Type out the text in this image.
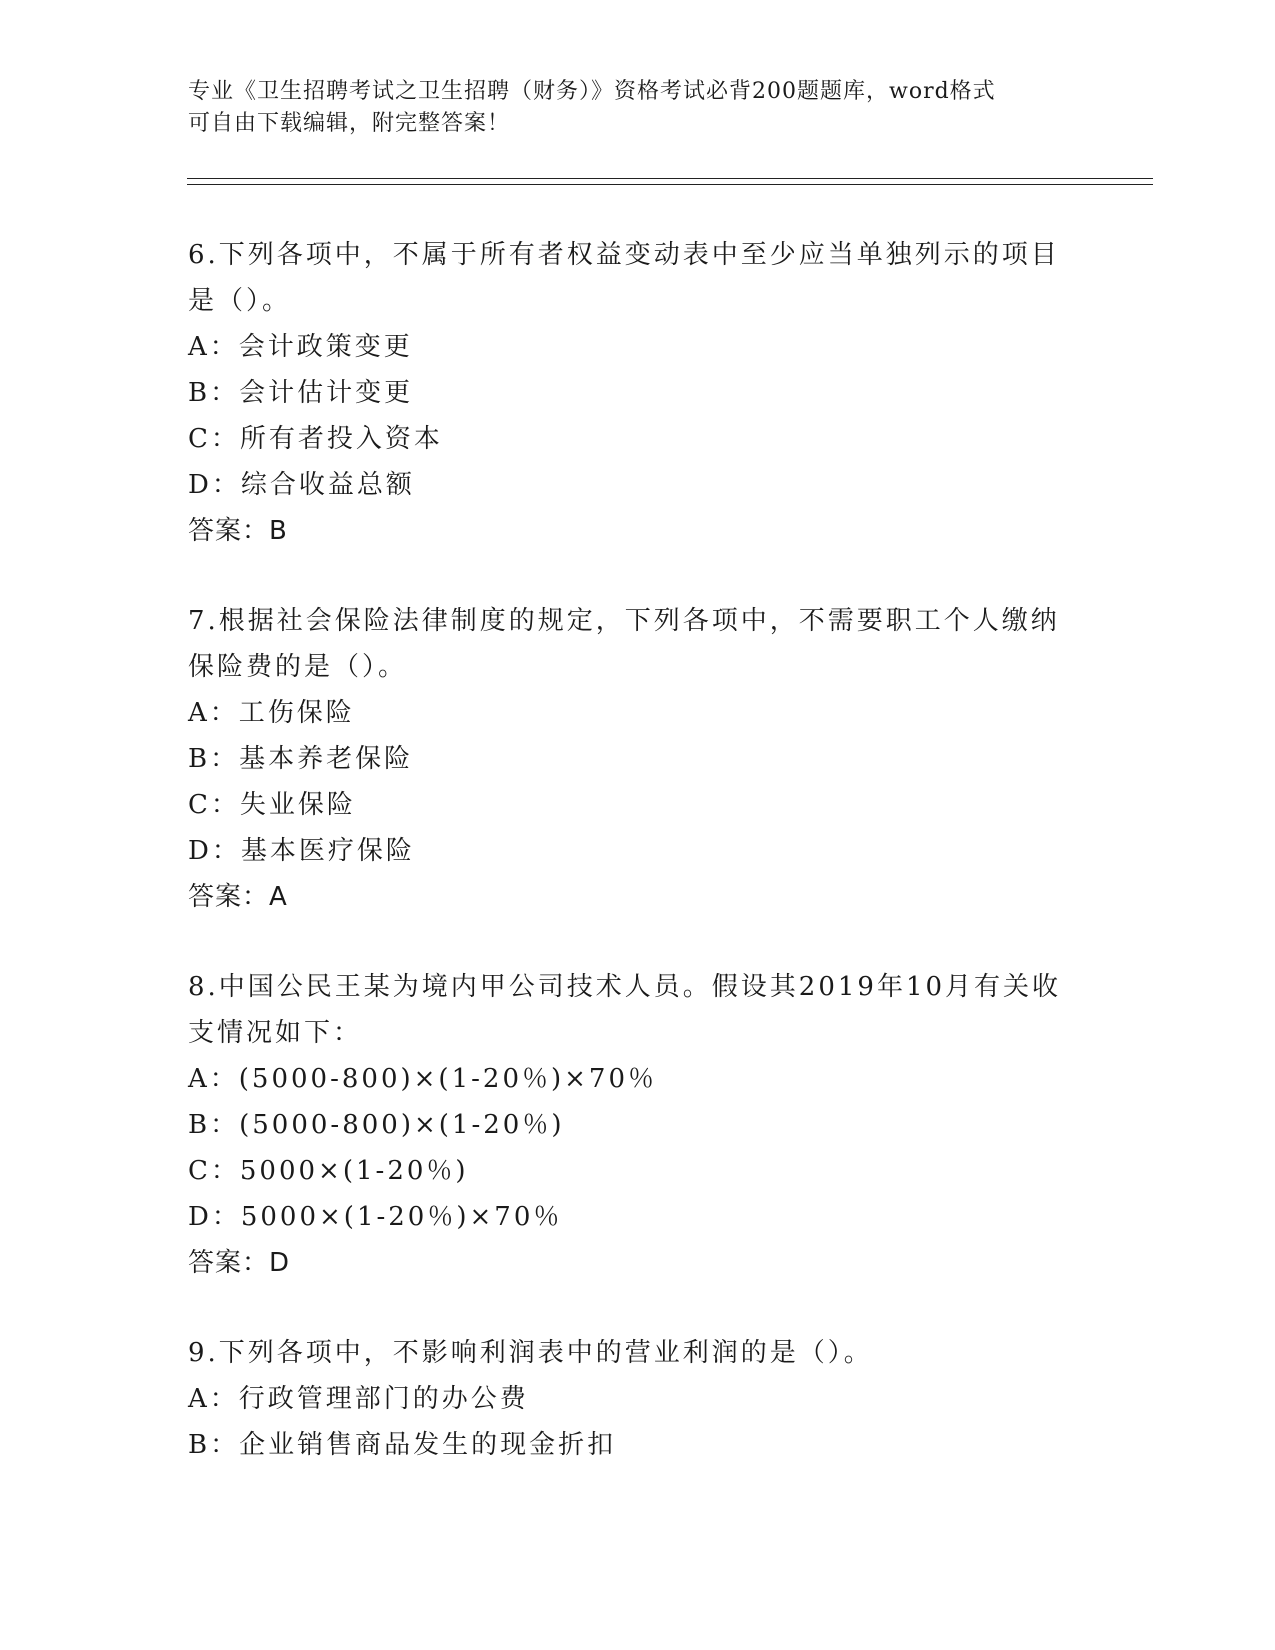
专业《卫生招聘考试之卫生招聘（财务）》资格考试必背200题题库，word格式
可自由下载编辑，附完整答案！

6.下列各项中，不属于所有者权益变动表中至少应当单独列示的项目是（）。

A：会计政策变更

B：会计估计变更

C：所有者投入资本

D：综合收益总额

答案：B

7.根据社会保险法律制度的规定，下列各项中，不需要职工个人缴纳保险费的是（）。

A：工伤保险

B：基本养老保险

C：失业保险

D：基本医疗保险

答案：A

8.中国公民王某为境内甲公司技术人员。假设其2019年10月有关收支情况如下：

A：(5000-800)×(1-20％)×70％

B：(5000-800)×(1-20％)

C：5000×(1-20％)

D：5000×(1-20％)×70％

答案：D

9.下列各项中，不影响利润表中的营业利润的是（）。

A：行政管理部门的办公费

B：企业销售商品发生的现金折扣
